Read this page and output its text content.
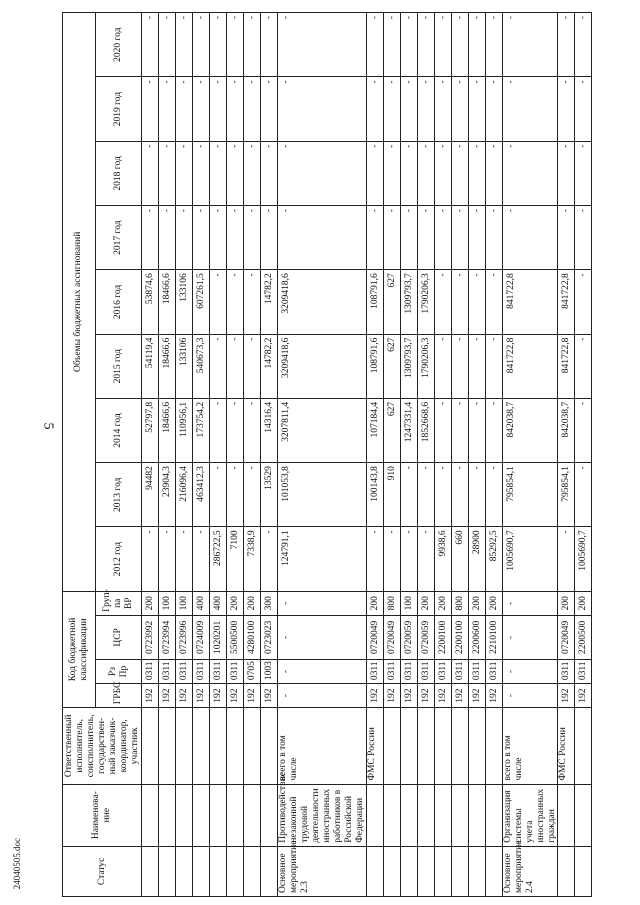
5
24040505.doc	Статус	Наименова-ние	Ответственный исполнитель, соисполнитель, государствен-ный заказчик-координатор, участник	Код бюджетной классификации				Объемы бюджетных ассигнований								
			ГРБС	Рз Пр	ЦСР	Груп-па ВР	2012 год	2013 год	2014 год	2015 год	2016 год	2017 год	2018 год	2019 год	2020 год
			192	0311	0723992	200	-	94482	52797,8	54119,4	53874,6	-	-	-	-
			192	0311	0723994	100	-	23904,3	18466,6	18466,6	18466,6	-	-	-	-
			192	0311	0723996	100	-	216096,4	110956,1	133106	133106	-	-	-	-
			192	0311	0724009	400	-	463412,3	173754,2	540673,3	607261,5	-	-	-	-
			192	0311	1020201	400	286722,5	-	-	-	-	-	-	-	-
			192	0311	5500500	200	7100	-	-	-	-	-	-	-	-
			192	0705	4280100	200	7338,9	-	-	-	-	-	-	-	-
			192	1003	0723023	300	-	13529	14316,4	14782,2	14782,2	-	-	-	-
Основное мероприятие 2.3	Противодействие незаконной трудовой деятельности иностранных работников в Российской Федерации	всего в том числе	-	-	-	-	124791,1	101053,8	3207811,4	3209418,6	3209418,6	-	-	-	-
		ФМС России	192	0311	0720049	200	-	100143,8	107184,4	108791,6	108791,6	-	-	-	-
			192	0311	0720049	800	-	910	627	627	627	-	-	-	-
			192	0311	0720059	100	-	-	1247331,4	1309793,7	1309793,7	-	-	-	-
			192	0311	0720059	200	-	-	1852668,6	1790206,3	1790206,3	-	-	-	-
			192	0311	2200100	200	9938,6	-	-	-	-	-	-	-	-
			192	0311	2200100	800	660	-	-	-	-	-	-	-	-
			192	0311	2200600	200	28900	-	-	-	-	-	-	-	-
			192	0311	2210100	200	85292,5	-	-	-	-	-	-	-	-
Основное мероприятие 2.4	Организация системы учета иностранных граждан	всего в том числе	-	-	-	-	1005690,7	795854,1	842038,7	841722,8	841722,8	-	-	-	-
		ФМС России	192	0311	0720049	200	-	795854,1	842038,7	841722,8	841722,8	-	-	-	-
			192	0311	2200500	200	1005690,7	-	-	-	-	-	-	-	-
